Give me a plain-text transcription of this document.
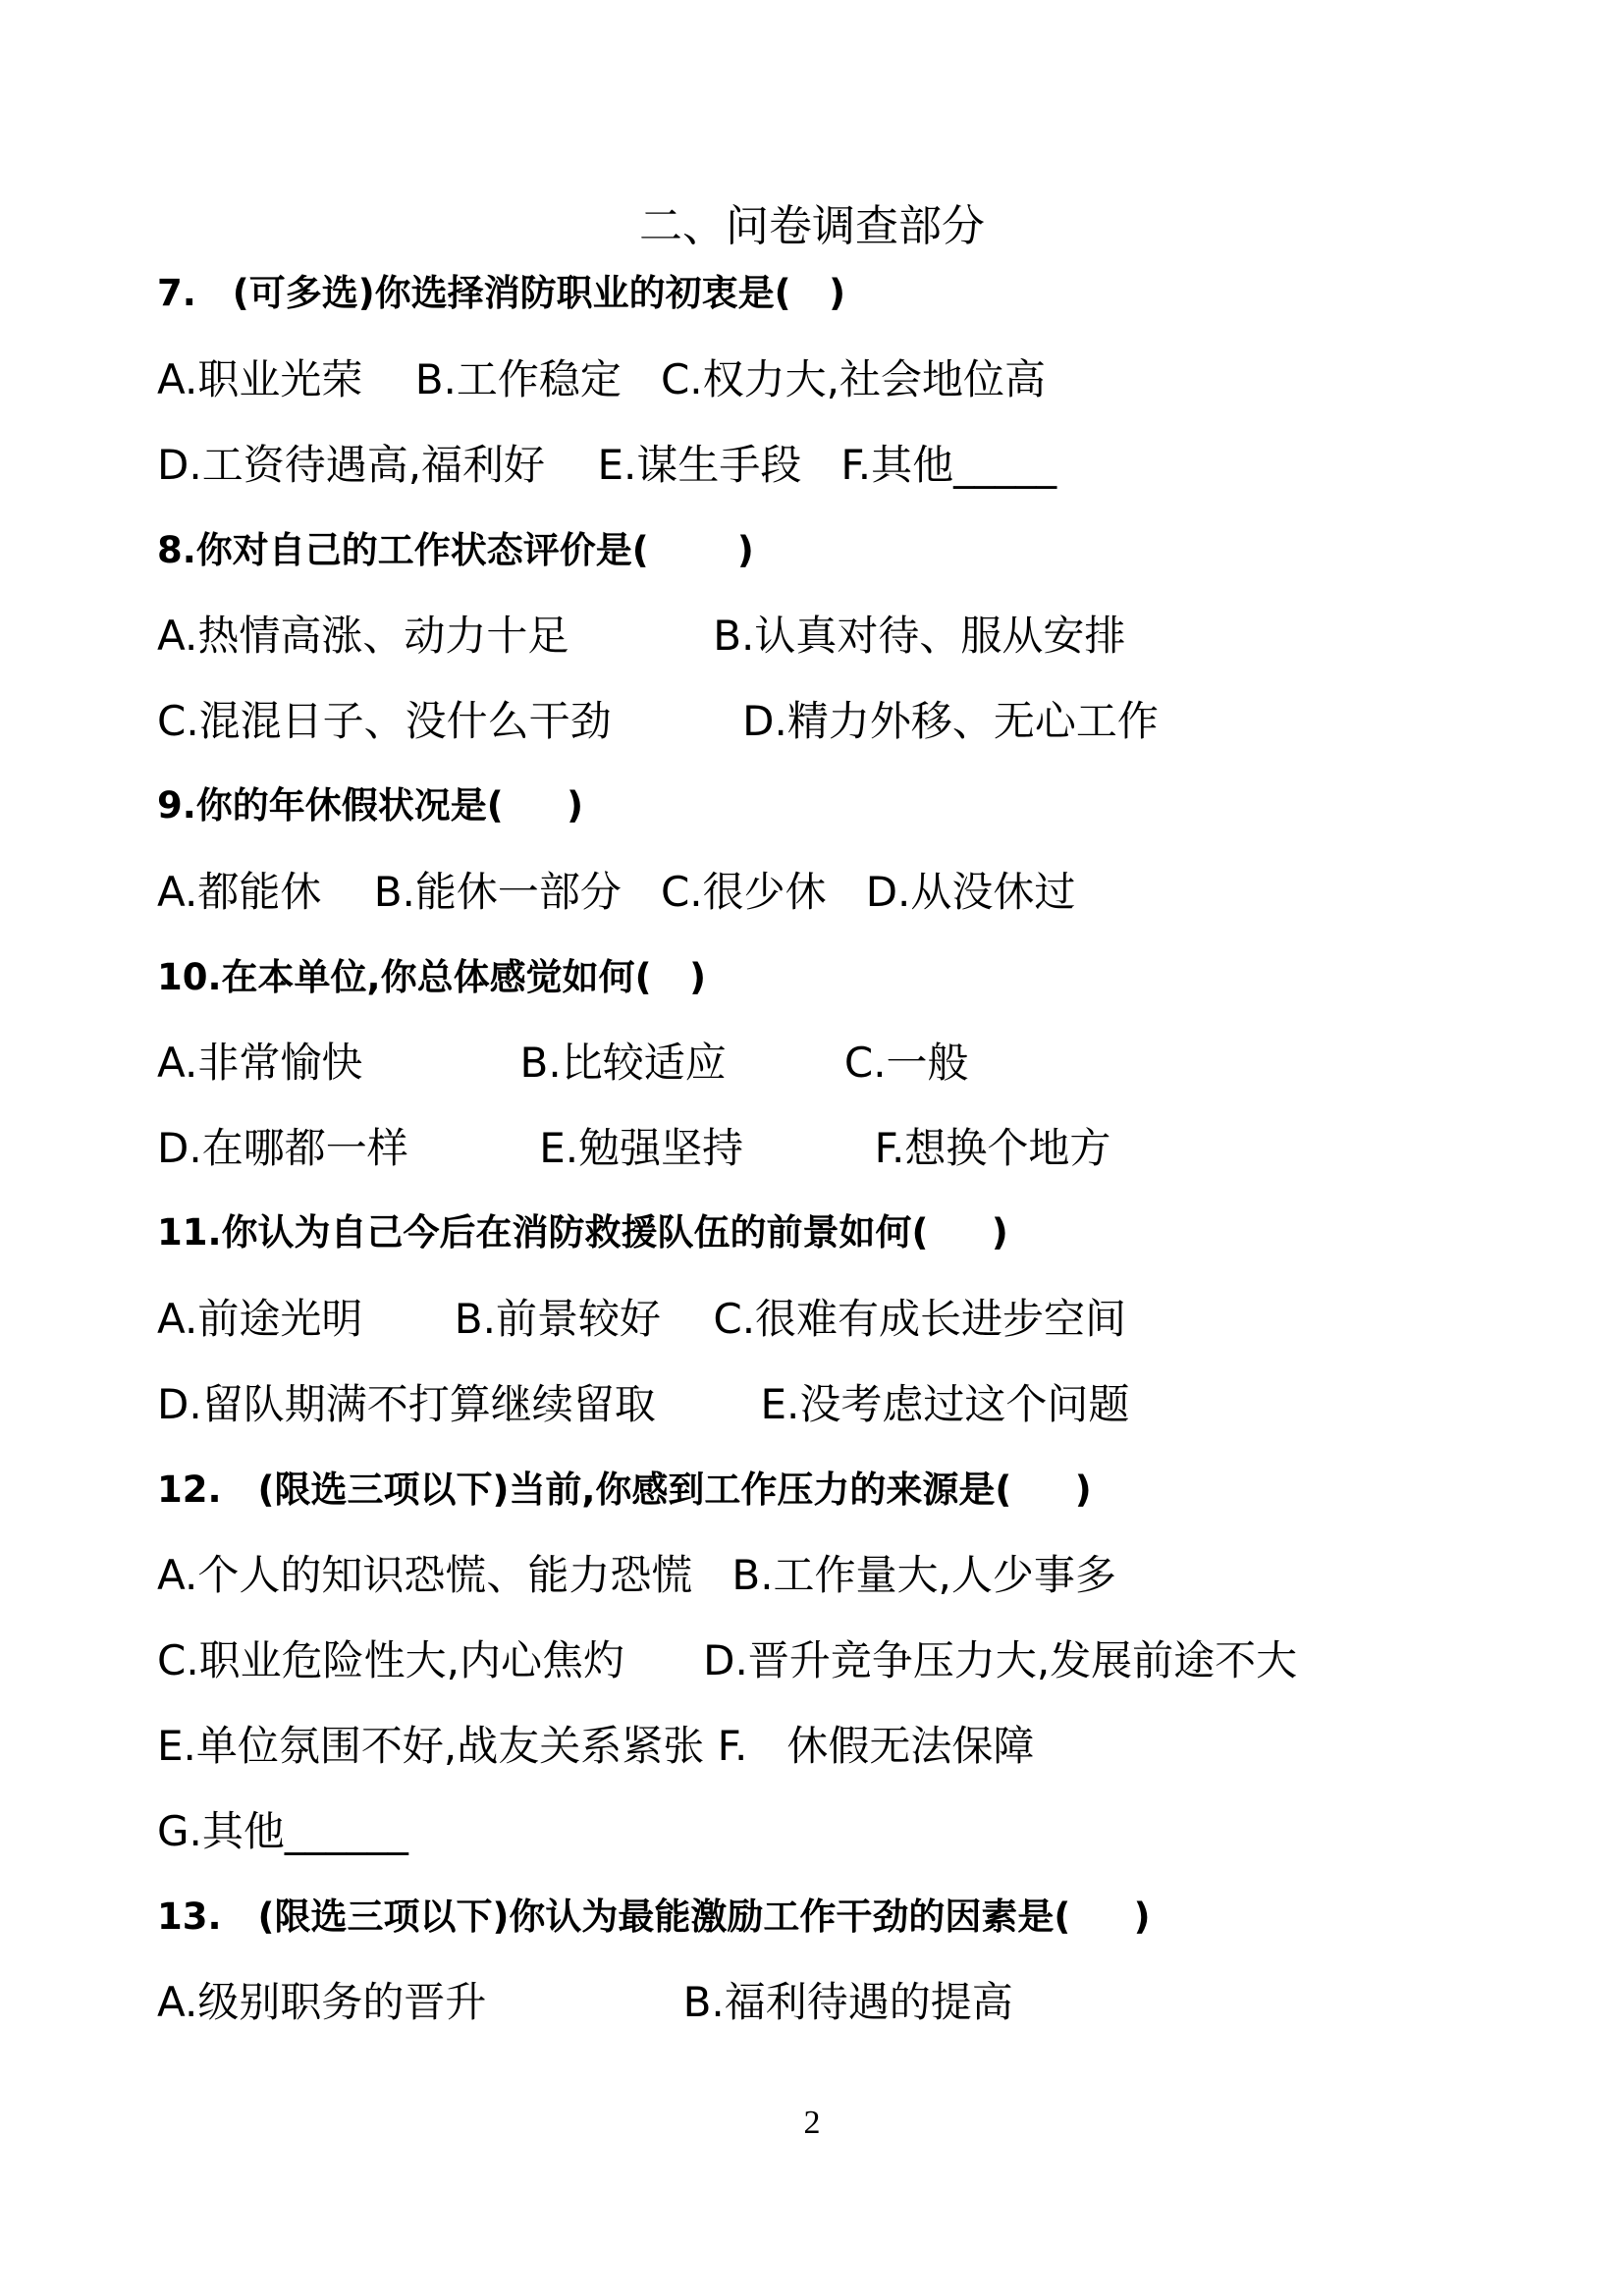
二、问卷调查部分
7.　(可多选)你选择消防职业的初衷是(   )
A.职业光荣    B.工作稳定   C.权力大,社会地位高
D.工资待遇高,福利好    E.谋生手段   F.其他_____
8.你对自己的工作状态评价是(       )
A.热情高涨、动力十足           B.认真对待、服从安排
C.混混日子、没什么干劲          D.精力外移、无心工作
9.你的年休假状况是(     )
A.都能休    B.能休一部分   C.很少休   D.从没休过
10.在本单位,你总体感觉如何(   )
A.非常愉快            B.比较适应         C.一般
D.在哪都一样          E.勉强坚持          F.想换个地方
11.你认为自己今后在消防救援队伍的前景如何(     )
A.前途光明       B.前景较好    C.很难有成长进步空间
D.留队期满不打算继续留取        E.没考虑过这个问题
12.　(限选三项以下)当前,你感到工作压力的来源是(     )
A.个人的知识恐慌、能力恐慌   B.工作量大,人少事多
C.职业危险性大,内心焦灼      D.晋升竞争压力大,发展前途不大
E.单位氛围不好,战友关系紧张 F.   休假无法保障
G.其他______
13.　(限选三项以下)你认为最能激励工作干劲的因素是(     )
A.级别职务的晋升               B.福利待遇的提高
2
